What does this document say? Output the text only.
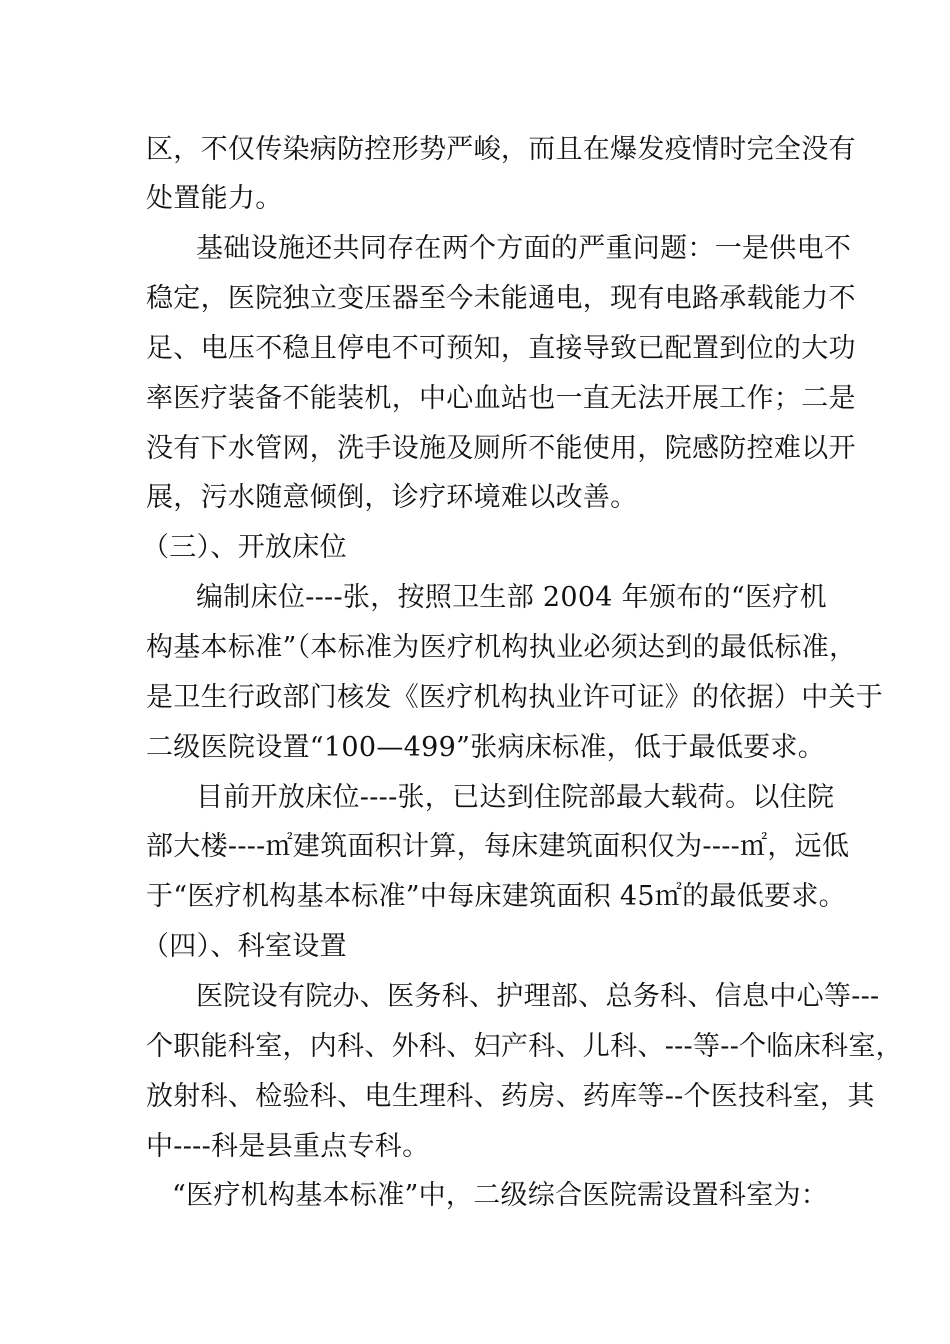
区，不仅传染病防控形势严峻，而且在爆发疫情时完全没有
处置能力。
基础设施还共同存在两个方面的严重问题：一是供电不
稳定，医院独立变压器至今未能通电，现有电路承载能力不
足、电压不稳且停电不可预知，直接导致已配置到位的大功
率医疗装备不能装机，中心血站也一直无法开展工作；二是
没有下水管网，洗手设施及厕所不能使用，院感防控难以开
展，污水随意倾倒，诊疗环境难以改善。
（三）、开放床位
编制床位----张，按照卫生部 2004 年颁布的“医疗机
构基本标准”（本标准为医疗机构执业必须达到的最低标准，
是卫生行政部门核发《医疗机构执业许可证》的依据）中关于
二级医院设置“100—499”张病床标准，低于最低要求。
目前开放床位----张，已达到住院部最大载荷。以住院
部大楼----㎡建筑面积计算，每床建筑面积仅为----㎡，远低
于“医疗机构基本标准”中每床建筑面积 45㎡的最低要求。
（四）、科室设置
医院设有院办、医务科、护理部、总务科、信息中心等---
个职能科室，内科、外科、妇产科、儿科、---等--个临床科室，
放射科、检验科、电生理科、药房、药库等--个医技科室，其
中----科是县重点专科。
“医疗机构基本标准”中，二级综合医院需设置科室为：
